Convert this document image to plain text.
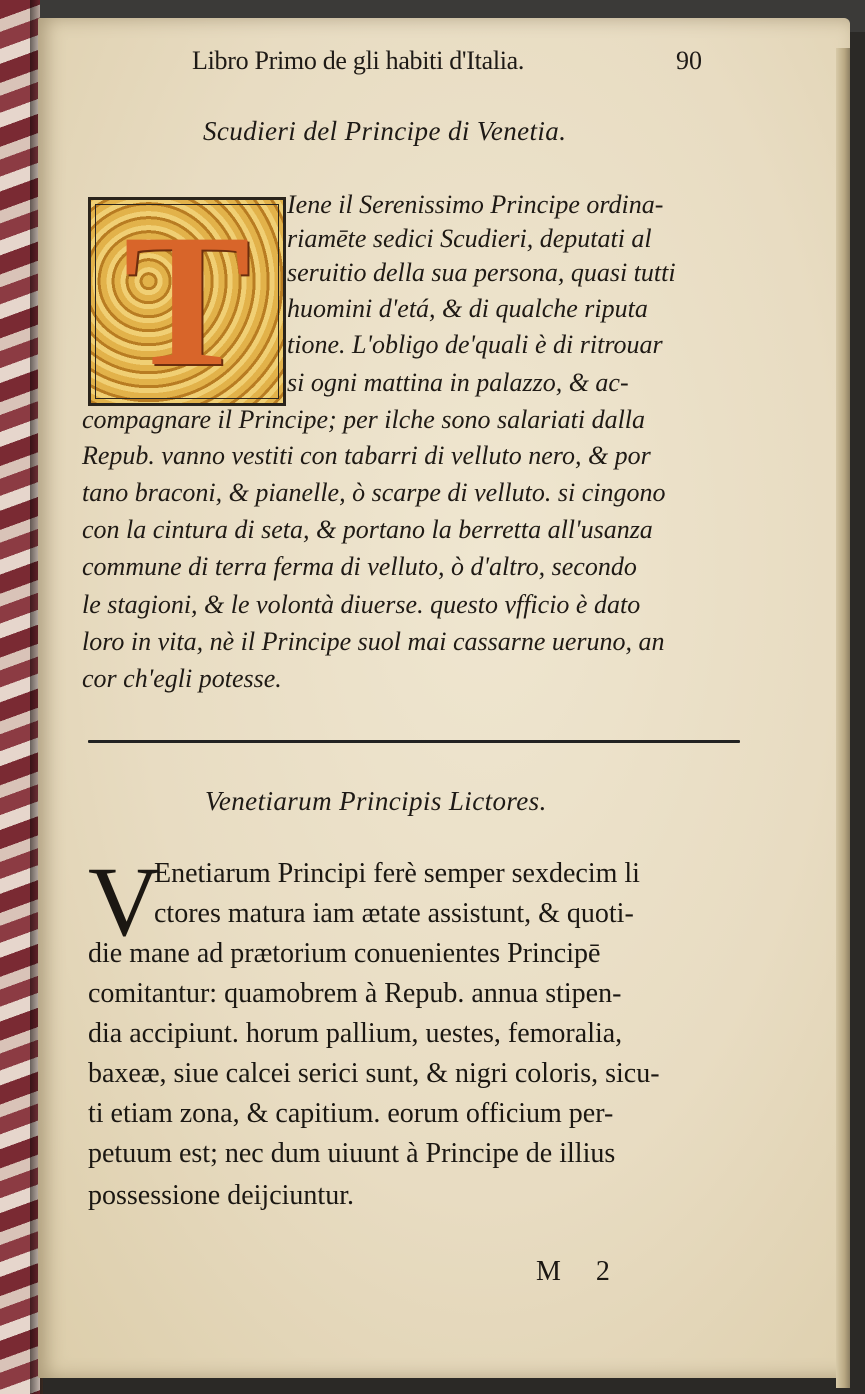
Libro Primo de gli habiti d'Italia.	90
Scudieri del Principe di Venetia.
T	Iene il Serenissimo Principe ordina-
riamēte sedici Scudieri, deputati al
seruitio della sua persona, quasi tutti
huomini d'etá, & di qualche riputa
tione. L'obligo de'quali è di ritrouar
si ogni mattina in palazzo, & ac-
compagnare il Principe; per ilche sono salariati dalla
Repub. vanno vestiti con tabarri di velluto nero, & por
tano braconi, & pianelle, ò scarpe di velluto. si cingono
con la cintura di seta, & portano la berretta all'usanza
commune di terra ferma di velluto, ò d'altro, secondo
le stagioni, & le volontà diuerse. questo vfficio è dato
loro in vita, nè il Principe suol mai cassarne ueruno, an
cor ch'egli potesse.
Venetiarum Principis Lictores.
V
Enetiarum Principi ferè semper sexdecim li
ctores matura iam ætate assistunt, & quoti-
die mane ad prætorium conuenientes Principē
comitantur: quamobrem à Repub. annua stipen-
dia accipiunt. horum pallium, uestes, femoralia,
baxeæ, siue calcei serici sunt, & nigri coloris, sicu-
ti etiam zona, & capitium. eorum officium per-
petuum est; nec dum uiuunt à Principe de illius
possessione deijciuntur.
M 2
